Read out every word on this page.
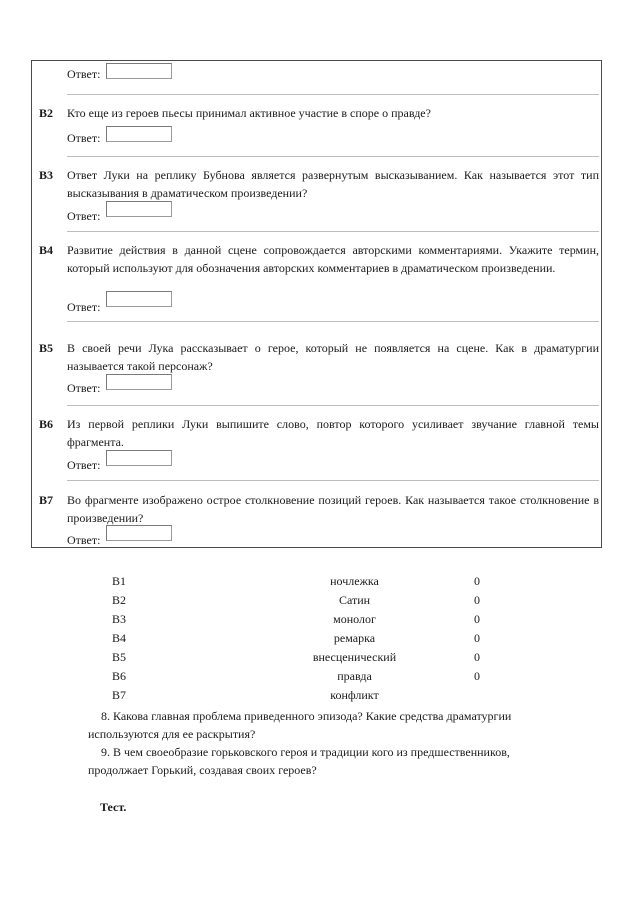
Ответ:
В2 Кто еще из героев пьесы принимал активное участие в споре о правде?
Ответ:
В3 Ответ Луки на реплику Бубнова является развернутым высказыванием. Как называется этот тип высказывания в драматическом произведении?
Ответ:
В4 Развитие действия в данной сцене сопровождается авторскими комментариями. Укажите термин, который используют для обозначения авторских комментариев в драматическом произведении.
Ответ:
В5 В своей речи Лука рассказывает о герое, который не появляется на сцене. Как в драматургии называется такой персонаж?
Ответ:
В6 Из первой реплики Луки выпишите слово, повтор которого усиливает звучание главной темы фрагмента.
Ответ:
В7 Во фрагменте изображено острое столкновение позиций героев. Как называется такое столкновение в произведении?
Ответ:
B1	ночлежка	0
B2	Сатин	0
B3	монолог	0
B4	ремарка	0
B5	внесценический	0
B6	правда	0
B7	конфликт	
8. Какова главная проблема приведенного эпизода? Какие средства драматургии используются для ее раскрытия?
9. В чем своеобразие горьковского героя и традиции кого из предшественников, продолжает Горький, создавая своих героев?
Тест.
